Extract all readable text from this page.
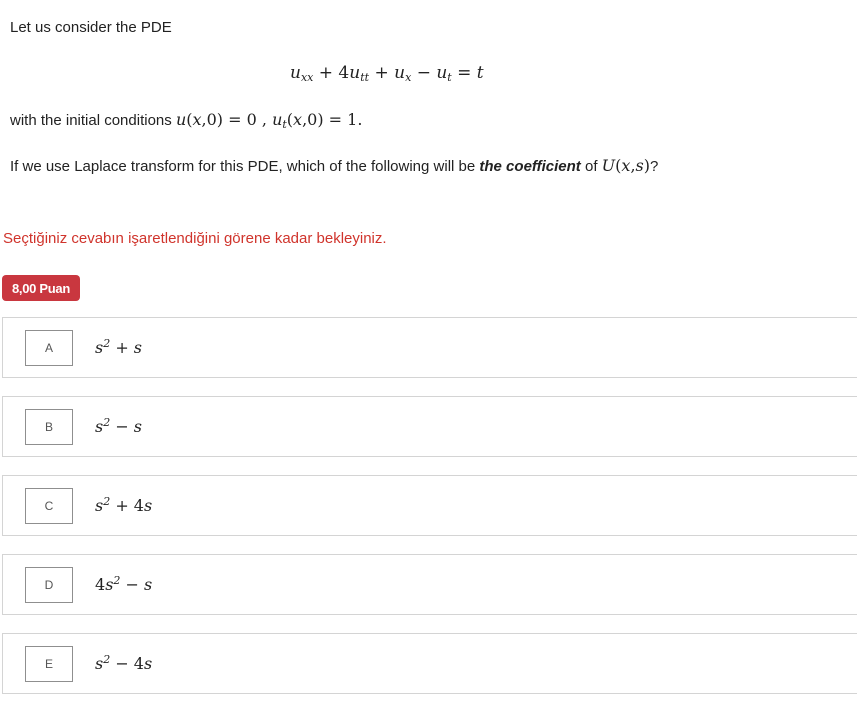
Let us consider the PDE
$u_{xx} + 4u_{tt} + u_x - u_t = t$
with the initial conditions u(x,0) = 0 , $u_t(x,0) = 1$.
If we use Laplace transform for this PDE, which of the following will be the coefficient of U(x,s)?
Seçtiğiniz cevabın işaretlendiğini görene kadar bekleyiniz.
8,00 Puan
A	$s^2 + s$
B	$s^2 - s$
C	$s^2 + 4s$
D	$4s^2 - s$
E	$s^2 - 4s$
